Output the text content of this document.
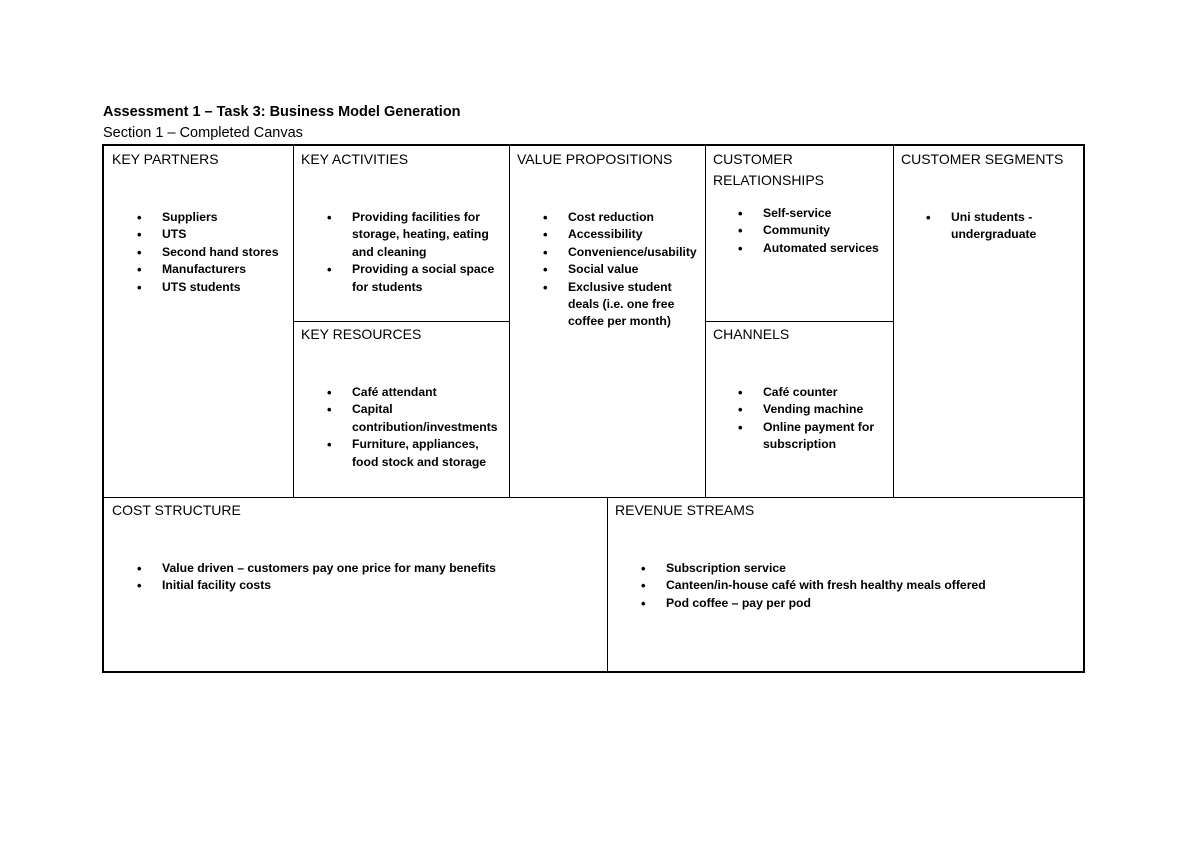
Assessment 1 – Task 3: Business Model Generation
Section 1 – Completed Canvas
KEY PARTNERS
• Suppliers
• UTS
• Second hand stores
• Manufacturers
• UTS students
KEY ACTIVITIES
• Providing facilities for storage, heating, eating and cleaning
• Providing a social space for students
KEY RESOURCES
• Café attendant
• Capital contribution/investments
• Furniture, appliances, food stock and storage
VALUE PROPOSITIONS
• Cost reduction
• Accessibility
• Convenience/usability
• Social value
• Exclusive student deals (i.e. one free coffee per month)
CUSTOMER RELATIONSHIPS
• Self-service
• Community
• Automated services
CHANNELS
• Café counter
• Vending machine
• Online payment for subscription
CUSTOMER SEGMENTS
• Uni students - undergraduate
COST STRUCTURE
• Value driven – customers pay one price for many benefits
• Initial facility costs
REVENUE STREAMS
• Subscription service
• Canteen/in-house café with fresh healthy meals offered
• Pod coffee – pay per pod
